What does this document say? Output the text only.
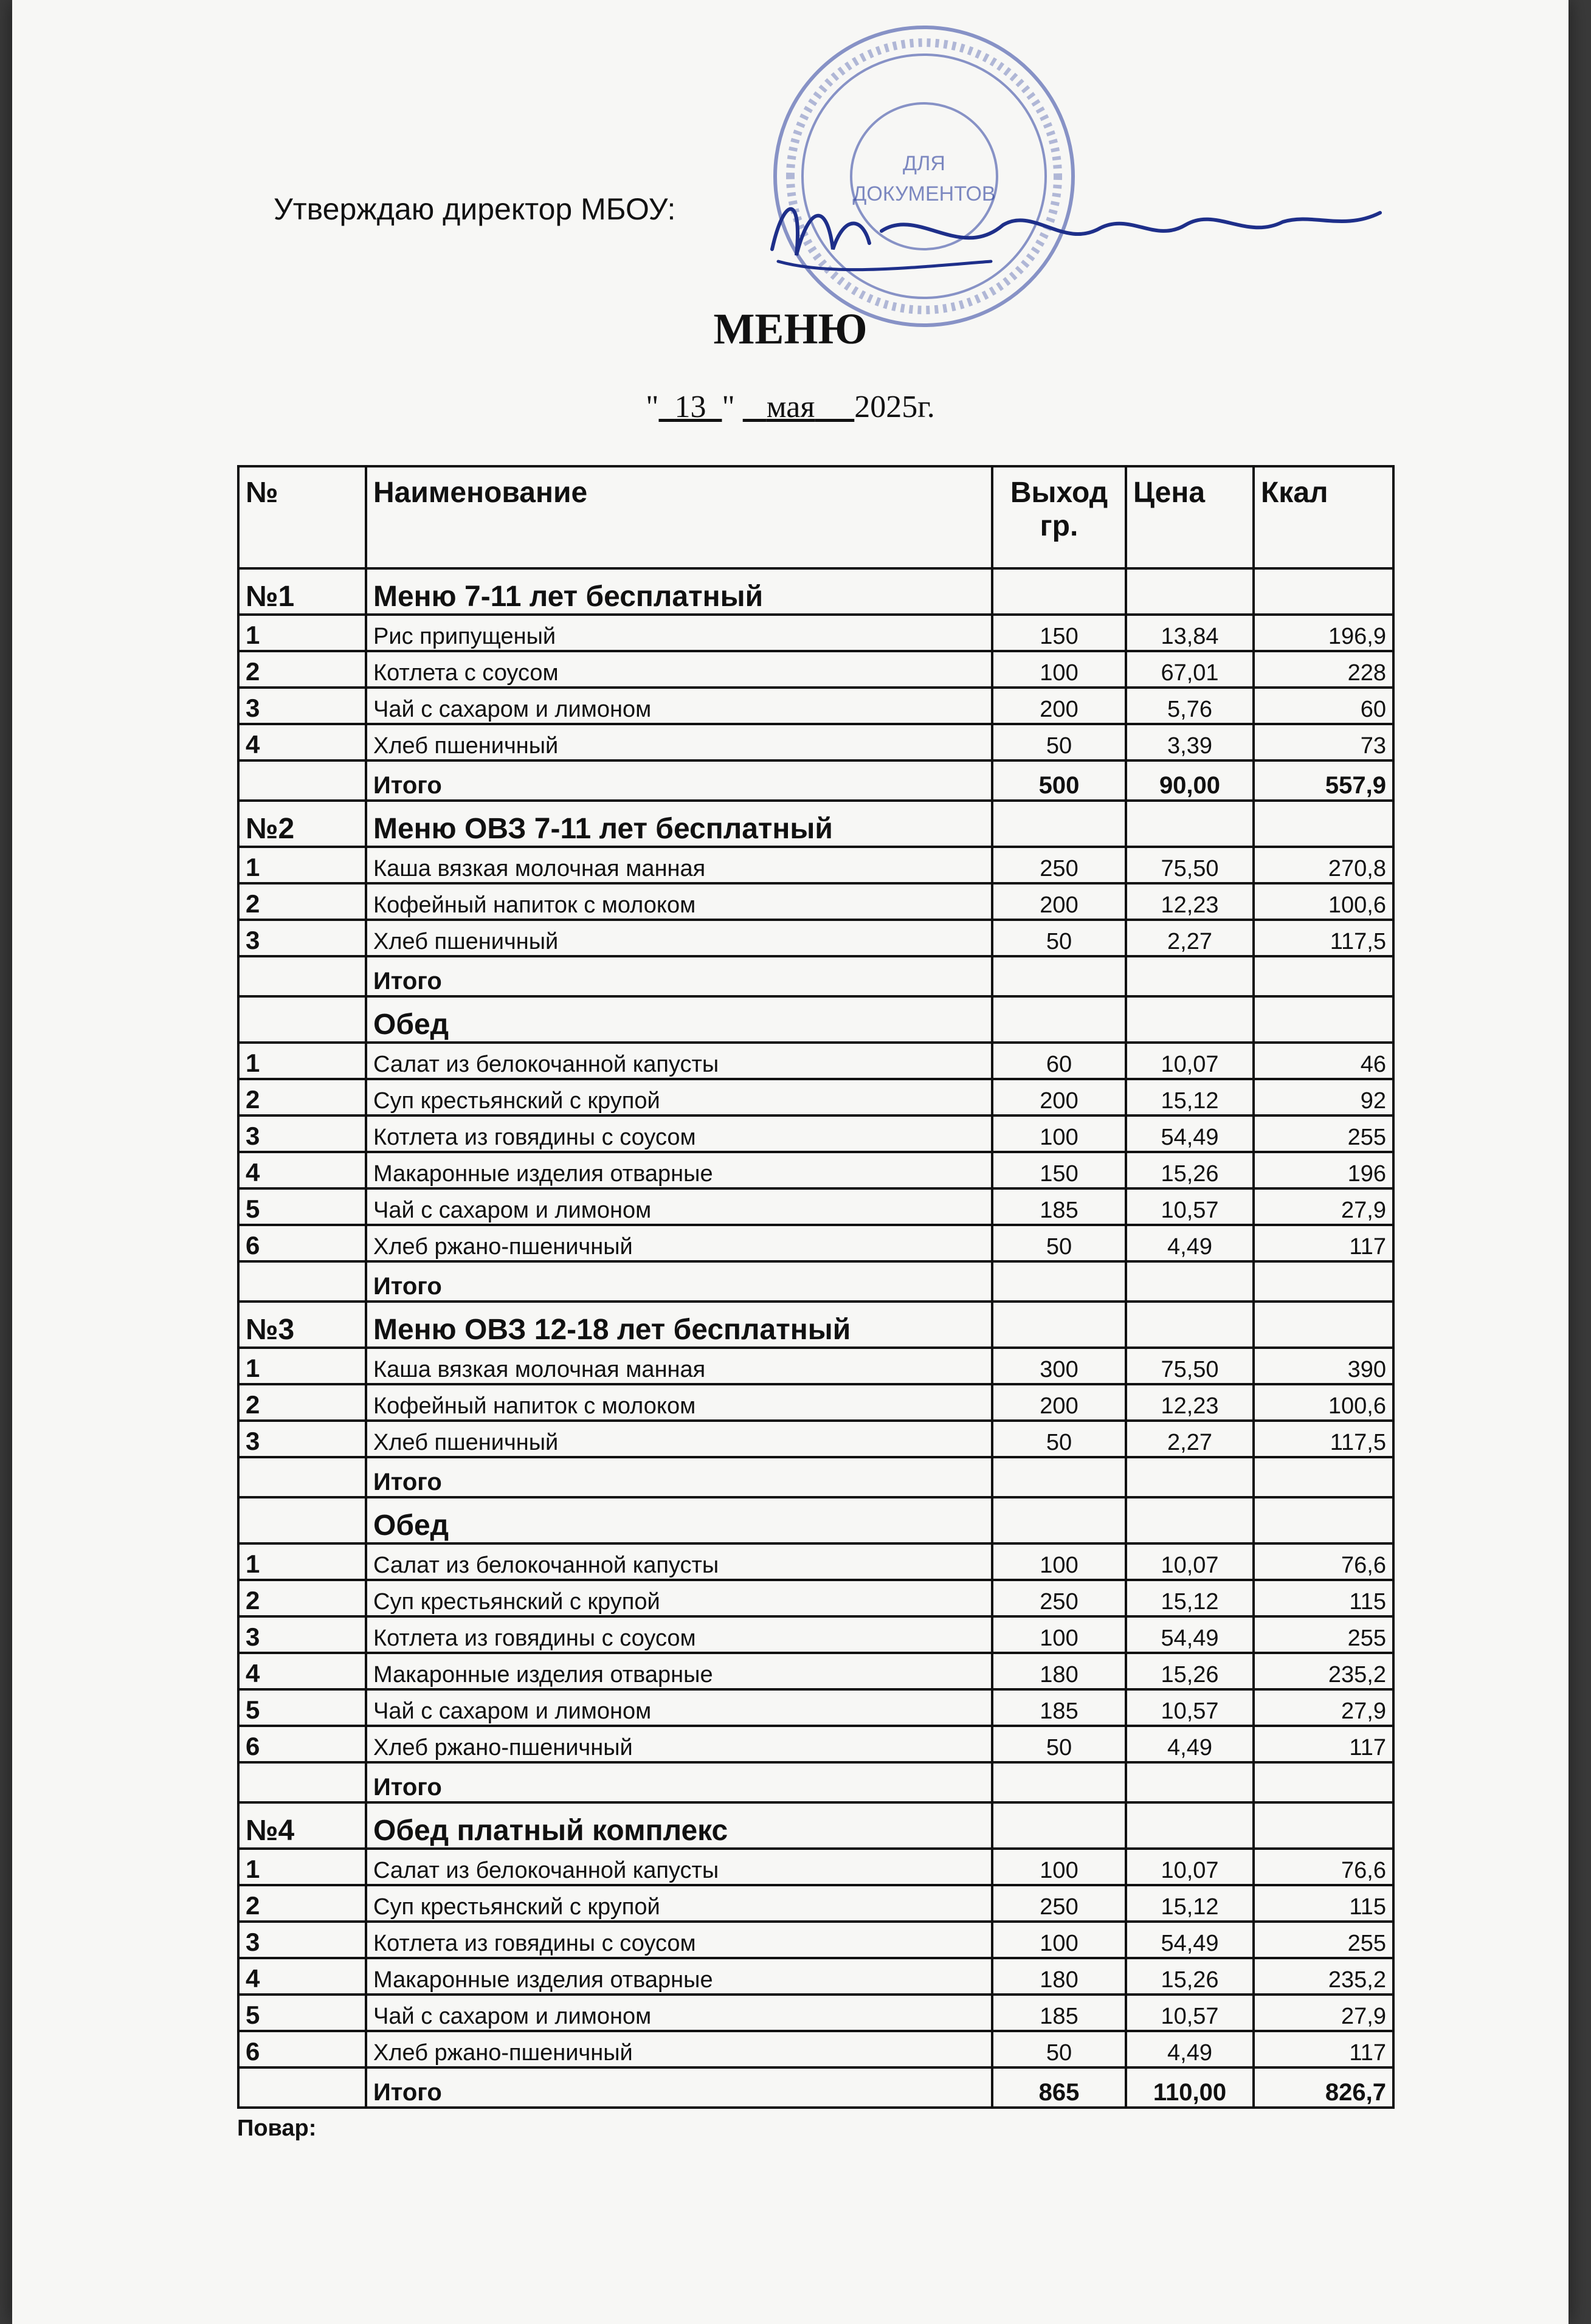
ДЛЯ
ДОКУМЕНТОВ
Утверждаю директор МБОУ:
МЕНЮ
" 13 " мая 2025г.
№	Наименование	Выход гр.	Цена	Ккал
№1	Меню 7-11 лет бесплатный			
1	Рис припущеный	150	13,84	196,9
2	Котлета с соусом	100	67,01	228
3	Чай с сахаром и лимоном	200	5,76	60
4	Хлеб пшеничный	50	3,39	73
	Итого	500	90,00	557,9
№2	Меню ОВЗ 7-11 лет бесплатный			
1	Каша вязкая молочная манная	250	75,50	270,8
2	Кофейный напиток с молоком	200	12,23	100,6
3	Хлеб пшеничный	50	2,27	117,5
	Итого			
	Обед			
1	Салат из белокочанной капусты	60	10,07	46
2	Суп крестьянский с крупой	200	15,12	92
3	Котлета из говядины с соусом	100	54,49	255
4	Макаронные изделия отварные	150	15,26	196
5	Чай с сахаром и лимоном	185	10,57	27,9
6	Хлеб ржано-пшеничный	50	4,49	117
	Итого			
№3	Меню ОВЗ 12-18 лет бесплатный			
1	Каша вязкая молочная манная	300	75,50	390
2	Кофейный напиток с молоком	200	12,23	100,6
3	Хлеб пшеничный	50	2,27	117,5
	Итого			
	Обед			
1	Салат из белокочанной капусты	100	10,07	76,6
2	Суп крестьянский с крупой	250	15,12	115
3	Котлета из говядины с соусом	100	54,49	255
4	Макаронные изделия отварные	180	15,26	235,2
5	Чай с сахаром и лимоном	185	10,57	27,9
6	Хлеб ржано-пшеничный	50	4,49	117
	Итого			
№4	Обед платный комплекс			
1	Салат из белокочанной капусты	100	10,07	76,6
2	Суп крестьянский с крупой	250	15,12	115
3	Котлета из говядины с соусом	100	54,49	255
4	Макаронные изделия отварные	180	15,26	235,2
5	Чай с сахаром и лимоном	185	10,57	27,9
6	Хлеб ржано-пшеничный	50	4,49	117
	Итого	865	110,00	826,7
Повар:
